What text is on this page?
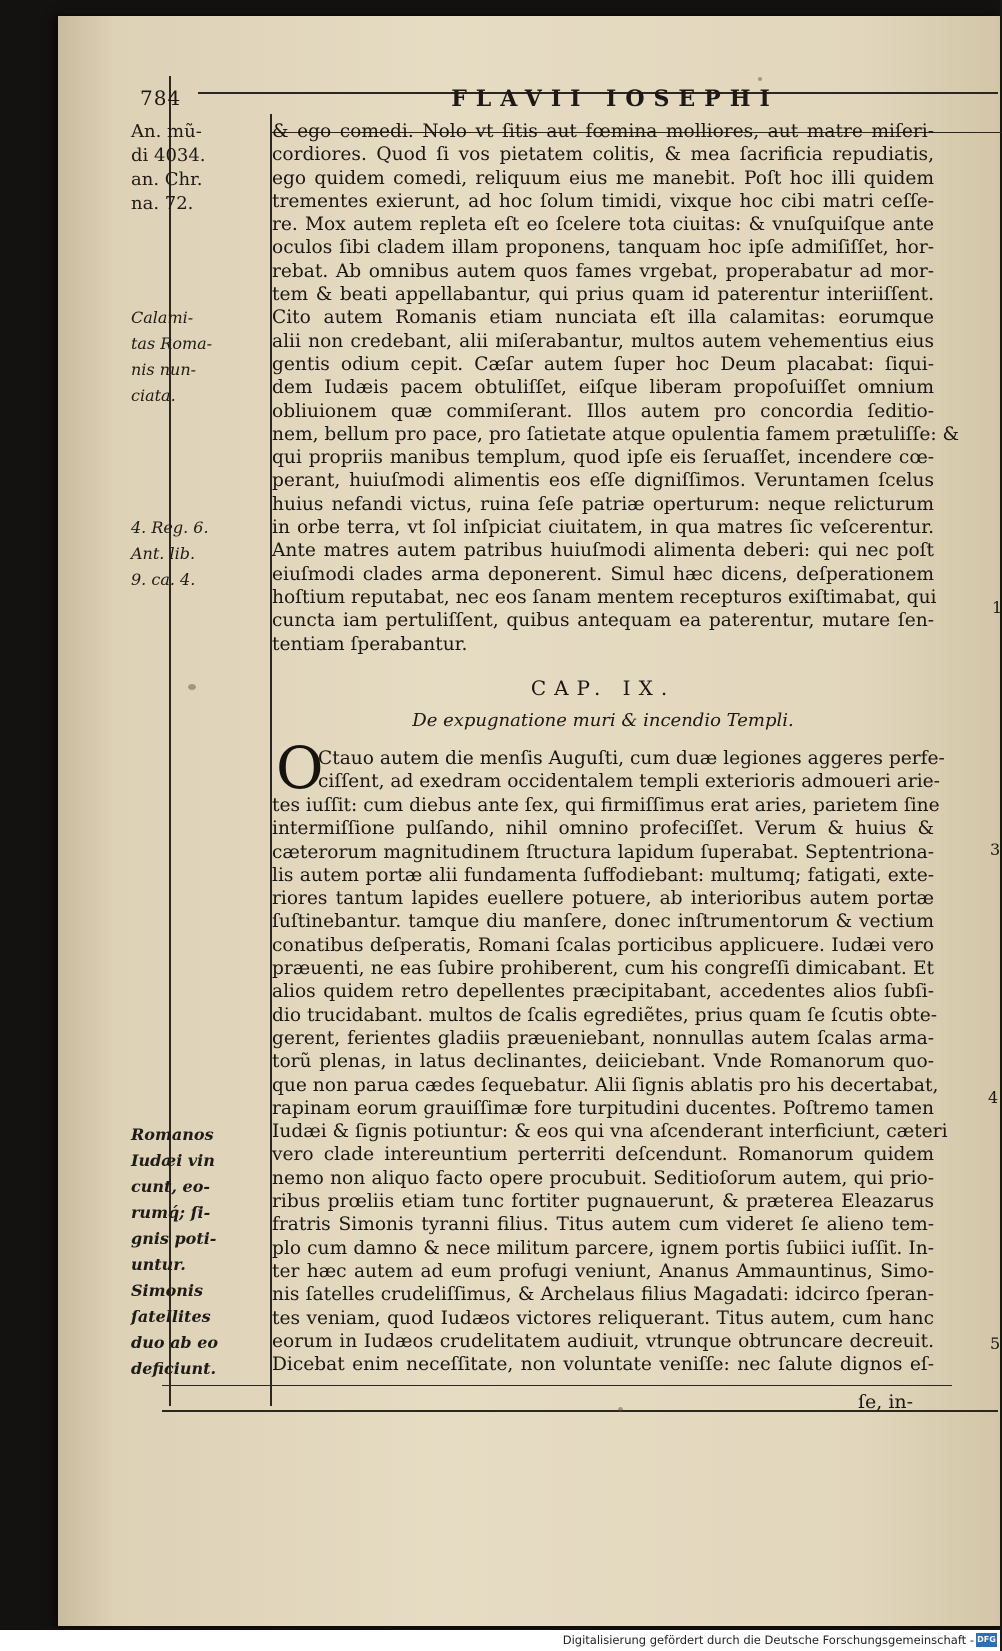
784	FLAVII IOSEPHI
An. mũ-
di 4034.
an. Chr.
na. 72.
Calami-
tas Roma-
nis nun-
ciata.
4. Reg. 6.
Ant. lib.
9. ca. 4.
Romanos
Iudæi vin
cunt, eo-
rumq́; ſi-
gnis poti-
untur.
Simonis
ſatellites
duo ab eo
deficiunt.
& ego comedi. Nolo vt ſitis aut fœmina molliores, aut matre miſeri-
cordiores. Quod ſi vos pietatem colitis, & mea ſacrificia repudiatis,
ego quidem comedi, reliquum eius me manebit. Poſt hoc illi quidem
trementes exierunt, ad hoc ſolum timidi, vixque hoc cibi matri ceſſe-
re. Mox autem repleta eſt eo ſcelere tota ciuitas: & vnuſquiſque ante
oculos ſibi cladem illam proponens, tanquam hoc ipſe admiſiſſet, hor-
rebat. Ab omnibus autem quos fames vrgebat, properabatur ad mor-
tem & beati appellabantur, qui prius quam id paterentur interiiſſent.
Cito autem Romanis etiam nunciata eſt illa calamitas: eorumque
alii non credebant, alii miſerabantur, multos autem vehementius eius
gentis odium cepit. Cæſar autem ſuper hoc Deum placabat: ſiqui-
dem Iudæis pacem obtuliſſet, eiſque liberam propoſuiſſet omnium
obliuionem quæ commiſerant. Illos autem pro concordia ſeditio-
nem, bellum pro pace, pro ſatietate atque opulentia famem prætuliſſe: &
qui propriis manibus templum, quod ipſe eis ſeruaſſet, incendere cœ-
perant, huiuſmodi alimentis eos eſſe digniſſimos. Veruntamen ſcelus
huius nefandi victus, ruina ſeſe patriæ operturum: neque relicturum
in orbe terra, vt ſol inſpiciat ciuitatem, in qua matres ſic veſcerentur.
Ante matres autem patribus huiuſmodi alimenta deberi: qui nec poſt
eiuſmodi clades arma deponerent. Simul hæc dicens, deſperationem
hoſtium reputabat, nec eos ſanam mentem recepturos exiſtimabat, qui
cuncta iam pertuliſſent, quibus antequam ea paterentur, mutare ſen-
tentiam ſperabantur.
CAP. IX.
De expugnatione muri & incendio Templi.
O
Ctauo autem die menſis Auguſti, cum duæ legiones aggeres perfe-
ciſſent, ad exedram occidentalem templi exterioris admoueri arie-
tes iuſſit: cum diebus ante ſex, qui firmiſſimus erat aries, parietem ſine
intermiſſione pulſando, nihil omnino profeciſſet. Verum & huius &
cæterorum magnitudinem ſtructura lapidum ſuperabat. Septentriona-
lis autem portæ alii fundamenta ſuffodiebant: multumq; fatigati, exte-
riores tantum lapides euellere potuere, ab interioribus autem portæ
ſuſtinebantur. tamque diu manſere, donec inſtrumentorum & vectium
conatibus deſperatis, Romani ſcalas porticibus applicuere. Iudæi vero
præuenti, ne eas ſubire prohiberent, cum his congreſſi dimicabant. Et
alios quidem retro depellentes præcipitabant, accedentes alios ſubſi-
dio trucidabant. multos de ſcalis egrediẽtes, prius quam ſe ſcutis obte-
gerent, ferientes gladiis præueniebant, nonnullas autem ſcalas arma-
torũ plenas, in latus declinantes, deiiciebant. Vnde Romanorum quo-
que non parua cædes ſequebatur. Alii ſignis ablatis pro his decertabat,
rapinam eorum grauiſſimæ fore turpitudini ducentes. Poſtremo tamen
Iudæi & ſignis potiuntur: & eos qui vna aſcenderant interficiunt, cæteri
vero clade intereuntium perterriti deſcendunt. Romanorum quidem
nemo non aliquo facto opere procubuit. Seditioſorum autem, qui prio-
ribus prœliis etiam tunc fortiter pugnauerunt, & præterea Eleazarus
fratris Simonis tyranni filius. Titus autem cum videret ſe alieno tem-
plo cum damno & nece militum parcere, ignem portis ſubiici iuſſit. In-
ter hæc autem ad eum profugi veniunt, Ananus Ammauntinus, Simo-
nis ſatelles crudeliſſimus, & Archelaus filius Magadati: idcirco ſperan-
tes veniam, quod Iudæos victores reliquerant. Titus autem, cum hanc
eorum in Iudæos crudelitatem audiuit, vtrunque obtruncare decreuit.
Dicebat enim neceſſitate, non voluntate veniſſe: nec ſalute dignos eſ-
ſe, in-
1
3
4
5
Digitalisierung gefördert durch die Deutsche Forschungsgemeinschaft - DFG
